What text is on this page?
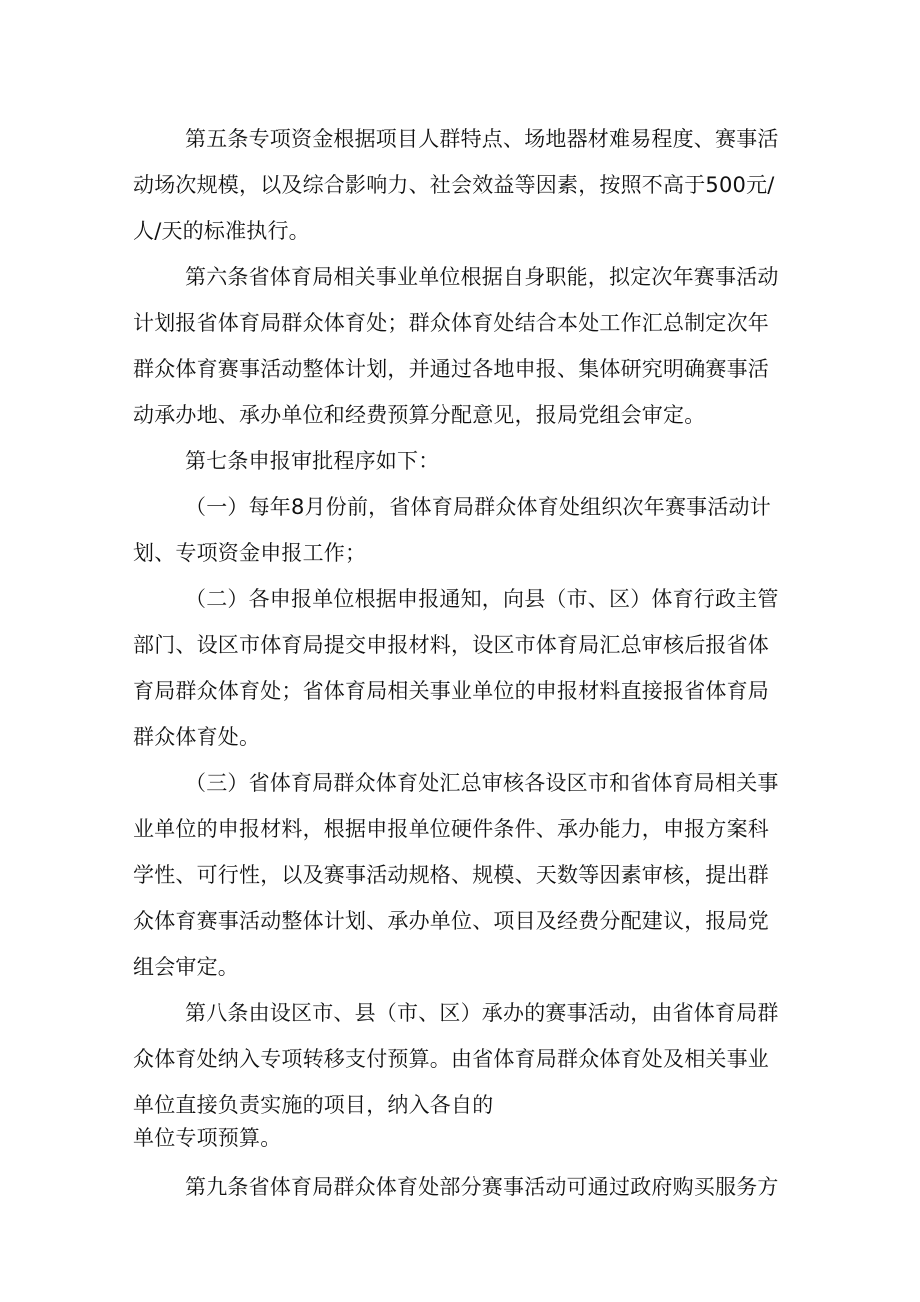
第五条专项资金根据项目人群特点、场地器材难易程度、赛事活
动场次规模，以及综合影响力、社会效益等因素，按照不高于500元/
人/天的标准执行。
第六条省体育局相关事业单位根据自身职能，拟定次年赛事活动
计划报省体育局群众体育处；群众体育处结合本处工作汇总制定次年
群众体育赛事活动整体计划，并通过各地申报、集体研究明确赛事活
动承办地、承办单位和经费预算分配意见，报局党组会审定。
第七条申报审批程序如下：
（一）每年8月份前，省体育局群众体育处组织次年赛事活动计
划、专项资金申报工作；
（二）各申报单位根据申报通知，向县（市、区）体育行政主管
部门、设区市体育局提交申报材料，设区市体育局汇总审核后报省体
育局群众体育处；省体育局相关事业单位的申报材料直接报省体育局
群众体育处。
（三）省体育局群众体育处汇总审核各设区市和省体育局相关事
业单位的申报材料，根据申报单位硬件条件、承办能力，申报方案科
学性、可行性，以及赛事活动规格、规模、天数等因素审核，提出群
众体育赛事活动整体计划、承办单位、项目及经费分配建议，报局党
组会审定。
第八条由设区市、县（市、区）承办的赛事活动，由省体育局群
众体育处纳入专项转移支付预算。由省体育局群众体育处及相关事业
单位直接负责实施的项目，纳入各自的
单位专项预算。
第九条省体育局群众体育处部分赛事活动可通过政府购买服务方
